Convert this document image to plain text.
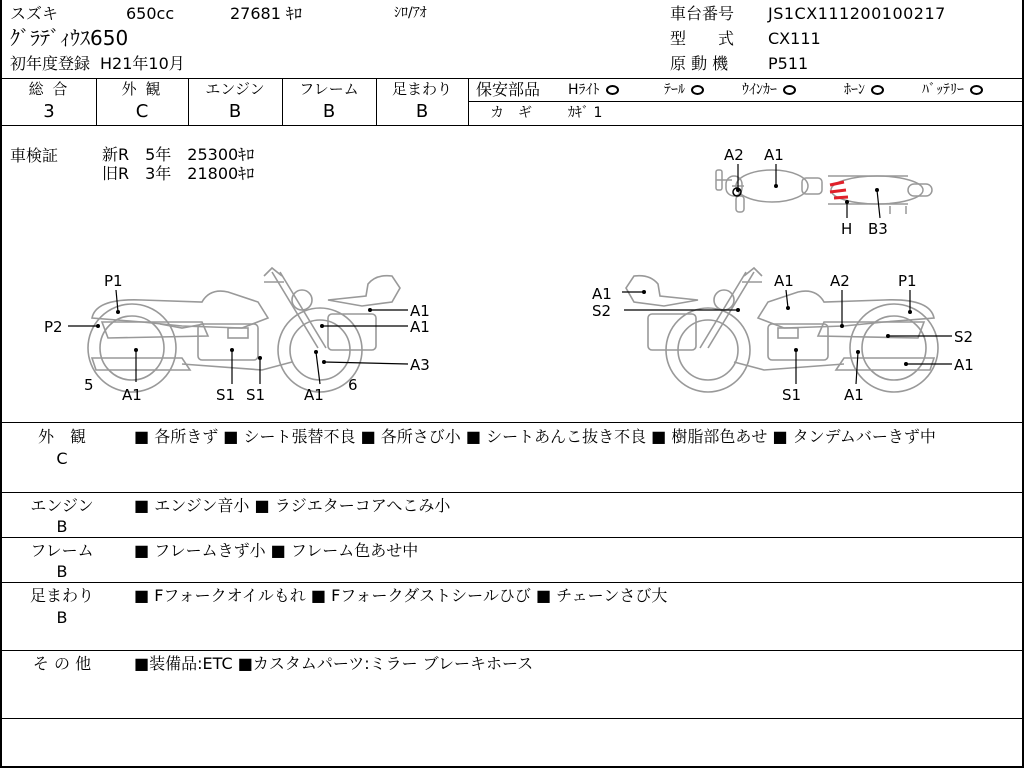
スズキ	650cc	27681 ｷﾛ	ｼﾛ/ｱｵ
ｸﾞﾗﾃﾞｨｳｽ650
初年度登録 H21年10月
車台番号 JS1CX111200100217
型　　式 CX111
原 動 機 P511
総 合
3
外 観
C
エンジン
B
フレーム
B
足まわり
B
保安部品 Hﾗｲﾄ	ﾃｰﾙ	ｳｲﾝｶｰ	ﾎｰﾝ	ﾊﾞｯﾃﾘｰ
カ　ギ	ｶｷﾞ 1
車検証	新R　5年　25300ｷﾛ
旧R　3年　21800ｷﾛ
A2 A1
H B3
P1
P2
5
A1	S1 S1	A1
6
A1
A1
A3
A1
S2
A1 A2	P1
S2
A1
S1	A1
外　観
C
■ 各所きず ■ シート張替不良 ■ 各所さび小 ■ シートあんこ抜き不良 ■ 樹脂部色あせ ■ タンデムバーきず中
エンジン
B
■ エンジン音小 ■ ラジエターコアへこみ小
フレーム
B
■ フレームきず小 ■ フレーム色あせ中
足まわり
B
■ Fフォークオイルもれ ■ Fフォークダストシールひび ■ チェーンさび大
そ の 他	■装備品:ETC ■カスタムパーツ:ミラー ブレーキホース
